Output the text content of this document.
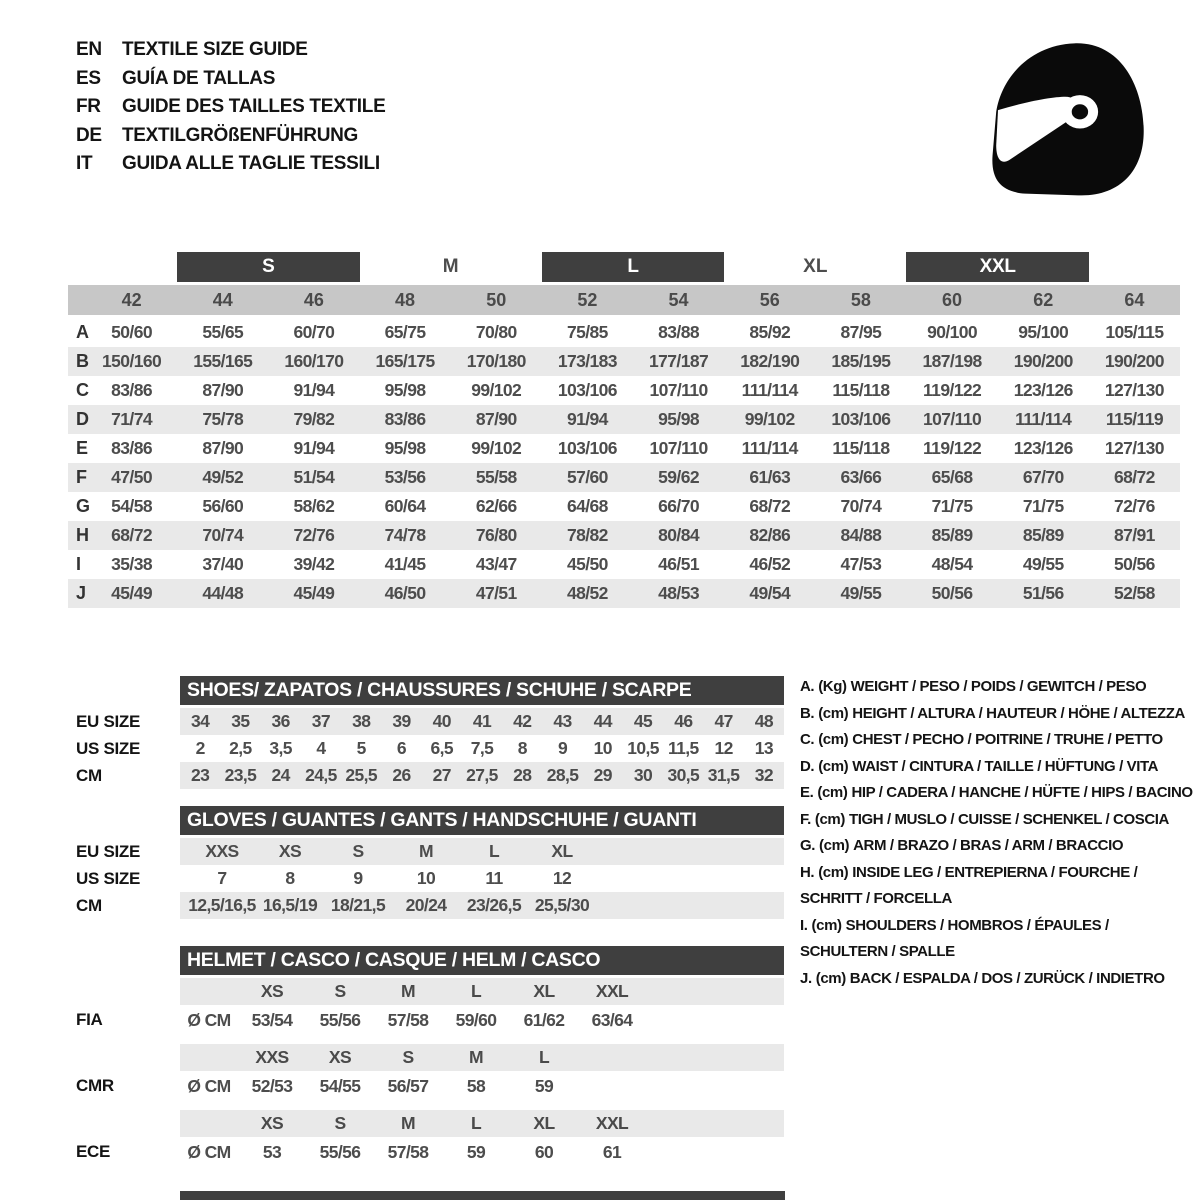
EN	TEXTILE SIZE GUIDE
ES	GUÍA DE TALLAS
FR	GUIDE DES TAILLES TEXTILE
DE	TEXTILGRÖßENFÜHRUNG
IT	GUIDA ALLE TAGLIE TESSILI
S	M	L	XL	XXL
42	44	46	48	50	52	54	56	58	60	62	64
A	50/60	55/65	60/70	65/75	70/80	75/85	83/88	85/92	87/95	90/100	95/100	105/115
B 150/160	155/165	160/170	165/175	170/180	173/183	177/187	182/190	185/195	187/198	190/200	190/200
C	83/86	87/90	91/94	95/98	99/102	103/106	107/110	111/114	115/118	119/122	123/126	127/130
D	71/74	75/78	79/82	83/86	87/90	91/94	95/98	99/102	103/106	107/110	111/114	115/119
E	83/86	87/90	91/94	95/98	99/102	103/106	107/110	111/114	115/118	119/122	123/126	127/130
F	47/50	49/52	51/54	53/56	55/58	57/60	59/62	61/63	63/66	65/68	67/70	68/72
G	54/58	56/60	58/62	60/64	62/66	64/68	66/70	68/72	70/74	71/75	71/75	72/76
H	68/72	70/74	72/76	74/78	76/80	78/82	80/84	82/86	84/88	85/89	85/89	87/91
I	35/38	37/40	39/42	41/45	43/47	45/50	46/51	46/52	47/53	48/54	49/55	50/56
J	45/49	44/48	45/49	46/50	47/51	48/52	48/53	49/54	49/55	50/56	51/56	52/58
SHOES/ ZAPATOS / CHAUSSURES / SCHUHE / SCARPE
EU SIZE	34	35	36	37	38	39	40	41	42	43	44	45	46	47	48
US SIZE	2	2,5	3,5	4	5	6	6,5	7,5	8	9	10 10,5 11,5 12	13
CM	23 23,5 24 24,5 25,5 26	27 27,5 28 28,5 29	30 30,5 31,5 32
GLOVES / GUANTES / GANTS / HANDSCHUHE / GUANTI
EU SIZE	XXS	XS	S	M	L	XL
US SIZE	7	8	9	10	11	12
CM	12,5/16,5 16,5/19 18/21,5	20/24	23/26,5 25,5/30
HELMET / CASCO / CASQUE / HELM / CASCO
XS	S	M	L	XL	XXL
FIA	Ø CM	53/54	55/56	57/58	59/60	61/62	63/64
XXS	XS	S	M	L
CMR	Ø CM	52/53	54/55	56/57	58	59
XS	S	M	L	XL	XXL
ECE	Ø CM	53	55/56	57/58	59	60	61
A. (Kg) WEIGHT / PESO / POIDS / GEWITCH / PESO
B. (cm) HEIGHT / ALTURA / HAUTEUR / HÖHE / ALTEZZA
C. (cm) CHEST / PECHO / POITRINE / TRUHE / PETTO
D. (cm) WAIST / CINTURA / TAILLE / HÜFTUNG / VITA
E. (cm) HIP / CADERA / HANCHE / HÜFTE / HIPS / BACINO
F. (cm) TIGH / MUSLO / CUISSE / SCHENKEL / COSCIA
G. (cm) ARM / BRAZO / BRAS / ARM / BRACCIO
H. (cm) INSIDE LEG / ENTREPIERNA / FOURCHE / SCHRITT / FORCELLA
I. (cm) SHOULDERS / HOMBROS / ÉPAULES / SCHULTERN / SPALLE
J. (cm) BACK / ESPALDA / DOS / ZURÜCK / INDIETRO
